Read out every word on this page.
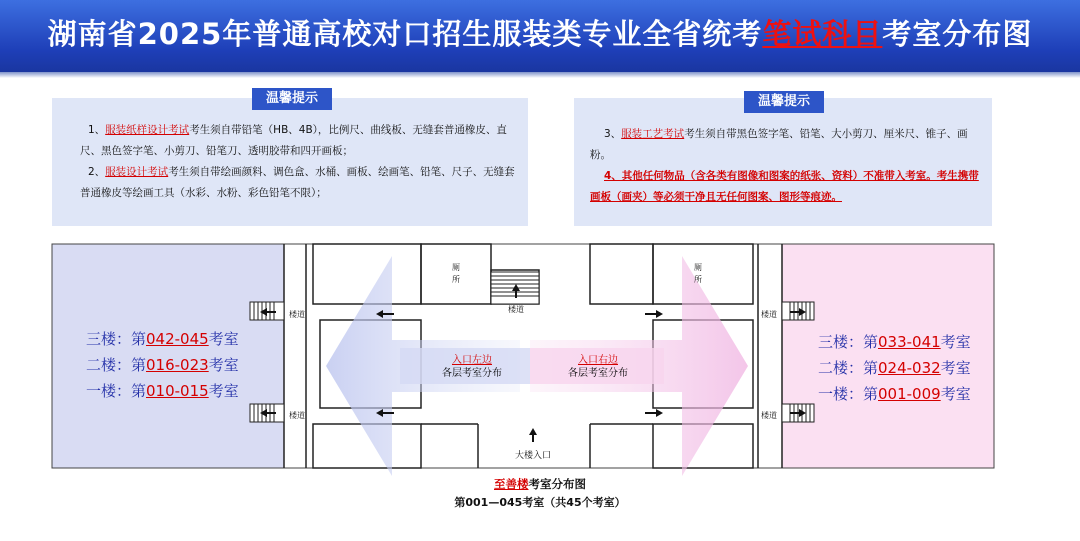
湖南省2025年普通高校对口招生服装类专业全省统考笔试科目考室分布图
温馨提示
1、服装纸样设计考试考生须自带铅笔（HB、4B），比例尺、曲线板、无缝套普通橡皮、直尺、黑色签字笔、小剪刀、铅笔刀、透明胶带和四开画板；
2、服装设计考试考生须自带绘画颜料、调色盒、水桶、画板、绘画笔、铅笔、尺子、无缝套普通橡皮等绘画工具（水彩、水粉、彩色铅笔不限）；
温馨提示
3、服装工艺考试考生须自带黑色签字笔、铅笔、大小剪刀、厘米尺、锥子、画粉。
4、其他任何物品（含各类有图像和图案的纸张、资料）不准带入考室。考生携带画板（画夹）等必须干净且无任何图案、图形等痕迹。
楼道
楼道
楼道
楼道
楼道
厕
所
厕
所
入口左边
各层考室分布
入口右边
各层考室分布
大楼入口
三楼：第042-045考室
二楼：第016-023考室
一楼：第010-015考室
三楼：第033-041考室
二楼：第024-032考室
一楼：第001-009考室
至善楼考室分布图
第001—045考室（共45个考室）
